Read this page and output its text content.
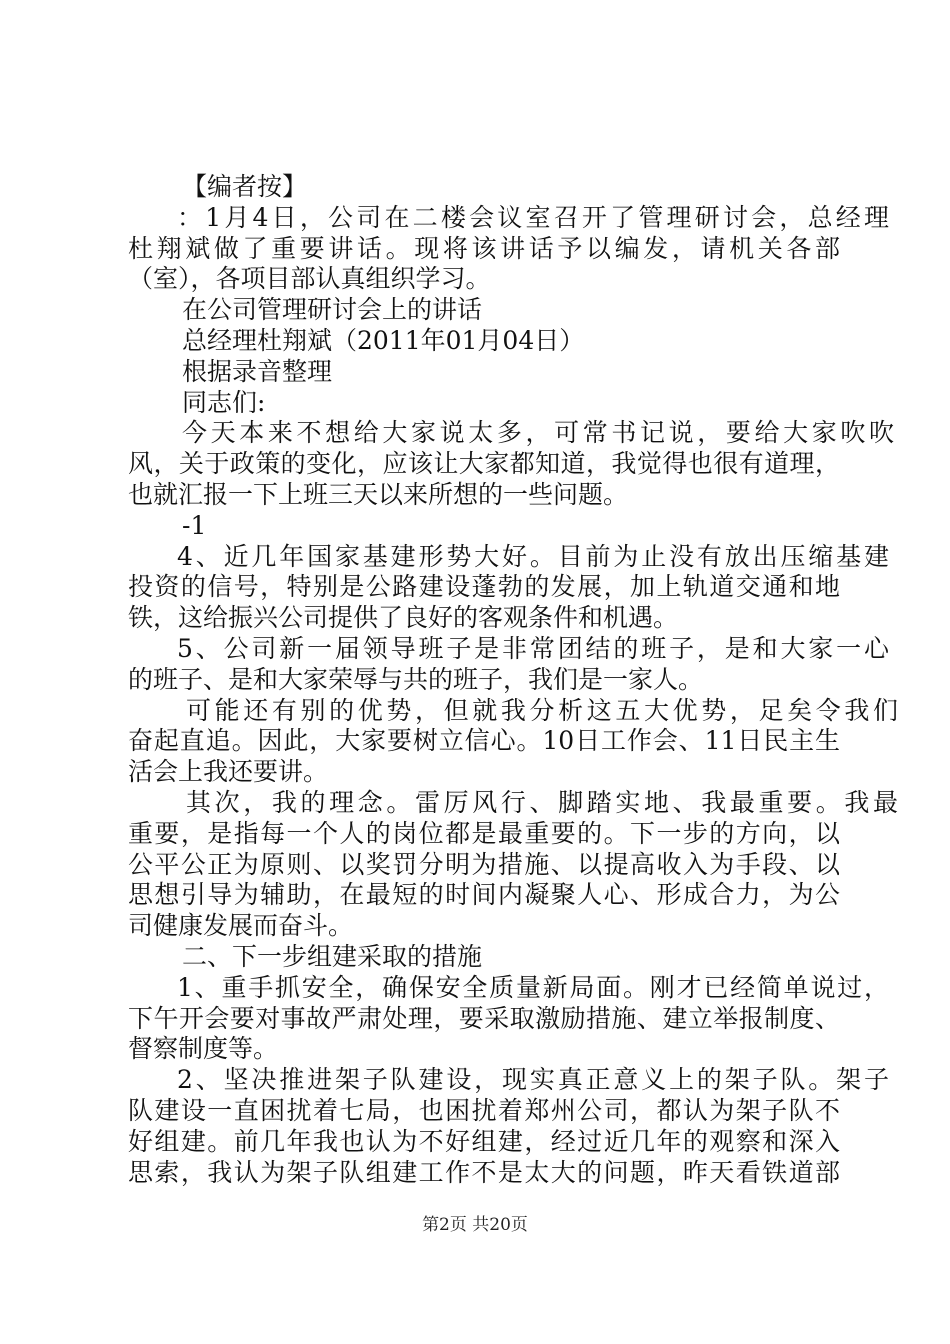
【编者按】
：1月4日，公司在二楼会议室召开了管理研讨会，总经理
杜翔斌做了重要讲话。现将该讲话予以编发，请机关各部
（室），各项目部认真组织学习。
在公司管理研讨会上的讲话
总经理杜翔斌（2011年01月04日）
根据录音整理
同志们:
今天本来不想给大家说太多，可常书记说，要给大家吹吹
风，关于政策的变化，应该让大家都知道，我觉得也很有道理，
也就汇报一下上班三天以来所想的一些问题。
-1
4、近几年国家基建形势大好。目前为止没有放出压缩基建
投资的信号，特别是公路建设蓬勃的发展，加上轨道交通和地
铁，这给振兴公司提供了良好的客观条件和机遇。
5、公司新一届领导班子是非常团结的班子，是和大家一心
的班子、是和大家荣辱与共的班子，我们是一家人。
可能还有别的优势，但就我分析这五大优势，足矣令我们
奋起直追。因此，大家要树立信心。10日工作会、11日民主生
活会上我还要讲。
其次，我的理念。雷厉风行、脚踏实地、我最重要。我最
重要，是指每一个人的岗位都是最重要的。下一步的方向，以
公平公正为原则、以奖罚分明为措施、以提高收入为手段、以
思想引导为辅助，在最短的时间内凝聚人心、形成合力，为公
司健康发展而奋斗。
二、下一步组建采取的措施
1、重手抓安全，确保安全质量新局面。刚才已经简单说过，
下午开会要对事故严肃处理，要采取激励措施、建立举报制度、
督察制度等。
2、坚决推进架子队建设，现实真正意义上的架子队。架子
队建设一直困扰着七局，也困扰着郑州公司，都认为架子队不
好组建。前几年我也认为不好组建，经过近几年的观察和深入
思索，我认为架子队组建工作不是太大的问题，昨天看铁道部
第2页 共20页
